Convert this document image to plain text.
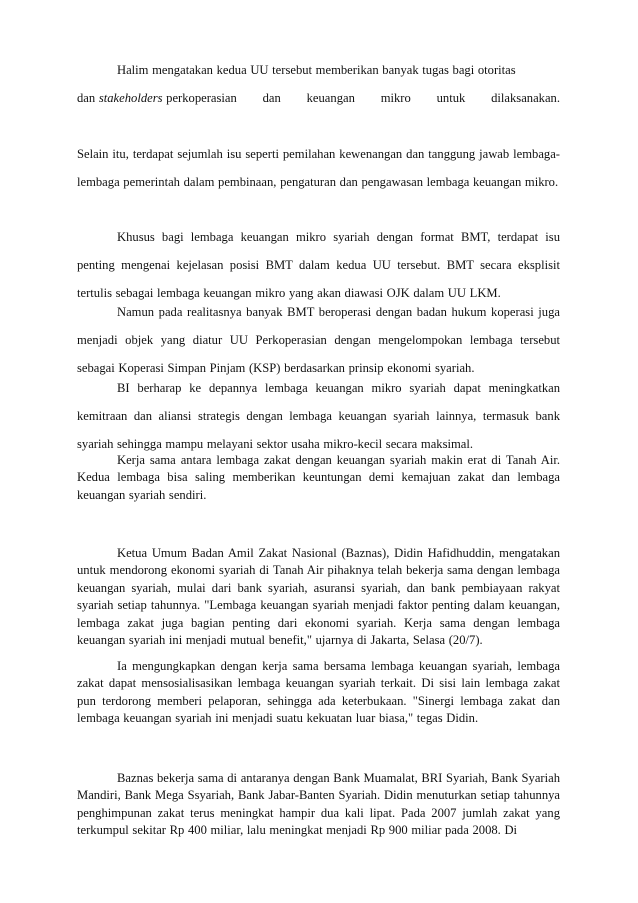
Halim mengatakan kedua UU tersebut memberikan banyak tugas bagi otoritas
dan stakeholders perkoperasian dan keuangan mikro untuk dilaksanakan.

Selain itu, terdapat sejumlah isu seperti pemilahan kewenangan dan tanggung jawab lembaga-lembaga pemerintah dalam pembinaan, pengaturan dan pengawasan lembaga keuangan mikro.

Khusus bagi lembaga keuangan mikro syariah dengan format BMT, terdapat isu penting mengenai kejelasan posisi BMT dalam kedua UU tersebut. BMT secara eksplisit tertulis sebagai lembaga keuangan mikro yang akan diawasi OJK dalam UU LKM.

Namun pada realitasnya banyak BMT beroperasi dengan badan hukum koperasi juga menjadi objek yang diatur UU Perkoperasian dengan mengelompokan lembaga tersebut sebagai Koperasi Simpan Pinjam (KSP) berdasarkan prinsip ekonomi syariah.

BI berharap ke depannya lembaga keuangan mikro syariah dapat meningkatkan kemitraan dan aliansi strategis dengan lembaga keuangan syariah lainnya, termasuk bank syariah sehingga mampu melayani sektor usaha mikro-kecil secara maksimal.

Kerja sama antara lembaga zakat dengan keuangan syariah makin erat di Tanah Air. Kedua lembaga bisa saling memberikan keuntungan demi kemajuan zakat dan lembaga keuangan syariah sendiri.

Ketua Umum Badan Amil Zakat Nasional (Baznas), Didin Hafidhuddin, mengatakan untuk mendorong ekonomi syariah di Tanah Air pihaknya telah bekerja sama dengan lembaga keuangan syariah, mulai dari bank syariah, asuransi syariah, dan bank pembiayaan rakyat syariah setiap tahunnya. "Lembaga keuangan syariah menjadi faktor penting dalam keuangan, lembaga zakat juga bagian penting dari ekonomi syariah. Kerja sama dengan lembaga keuangan syariah ini menjadi mutual benefit," ujarnya di Jakarta, Selasa (20/7).

Ia mengungkapkan dengan kerja sama bersama lembaga keuangan syariah, lembaga zakat dapat mensosialisasikan lembaga keuangan syariah terkait. Di sisi lain lembaga zakat pun terdorong memberi pelaporan, sehingga ada keterbukaan. "Sinergi lembaga zakat dan lembaga keuangan syariah ini menjadi suatu kekuatan luar biasa," tegas Didin.

Baznas bekerja sama di antaranya dengan Bank Muamalat, BRI Syariah, Bank Syariah Mandiri, Bank Mega Ssyariah, Bank Jabar-Banten Syariah. Didin menuturkan setiap tahunnya penghimpunan zakat terus meningkat hampir dua kali lipat. Pada 2007 jumlah zakat yang terkumpul sekitar Rp 400 miliar, lalu meningkat menjadi Rp 900 miliar pada 2008. Di
